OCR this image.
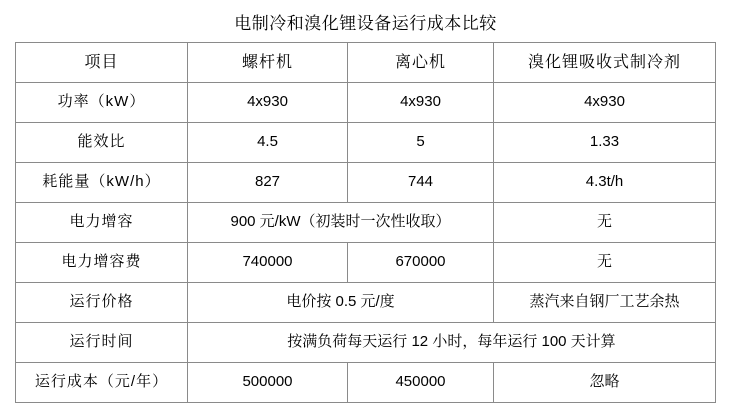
电制冷和溴化锂设备运行成本比较
项目	螺杆机	离心机	溴化锂吸收式制冷剂
功率（kW）	4x930	4x930	4x930
能效比	4.5	5	1.33
耗能量（kW/h）	827	744	4.3t/h
电力增容	900 元/kW（初装时一次性收取）		无
电力增容费	740000	670000	无
运行价格	电价按 0.5 元/度		蒸汽来自钢厂工艺余热
运行时间	按满负荷每天运行 12 小时，每年运行 100 天计算		
运行成本（元/年）	500000	450000	忽略
